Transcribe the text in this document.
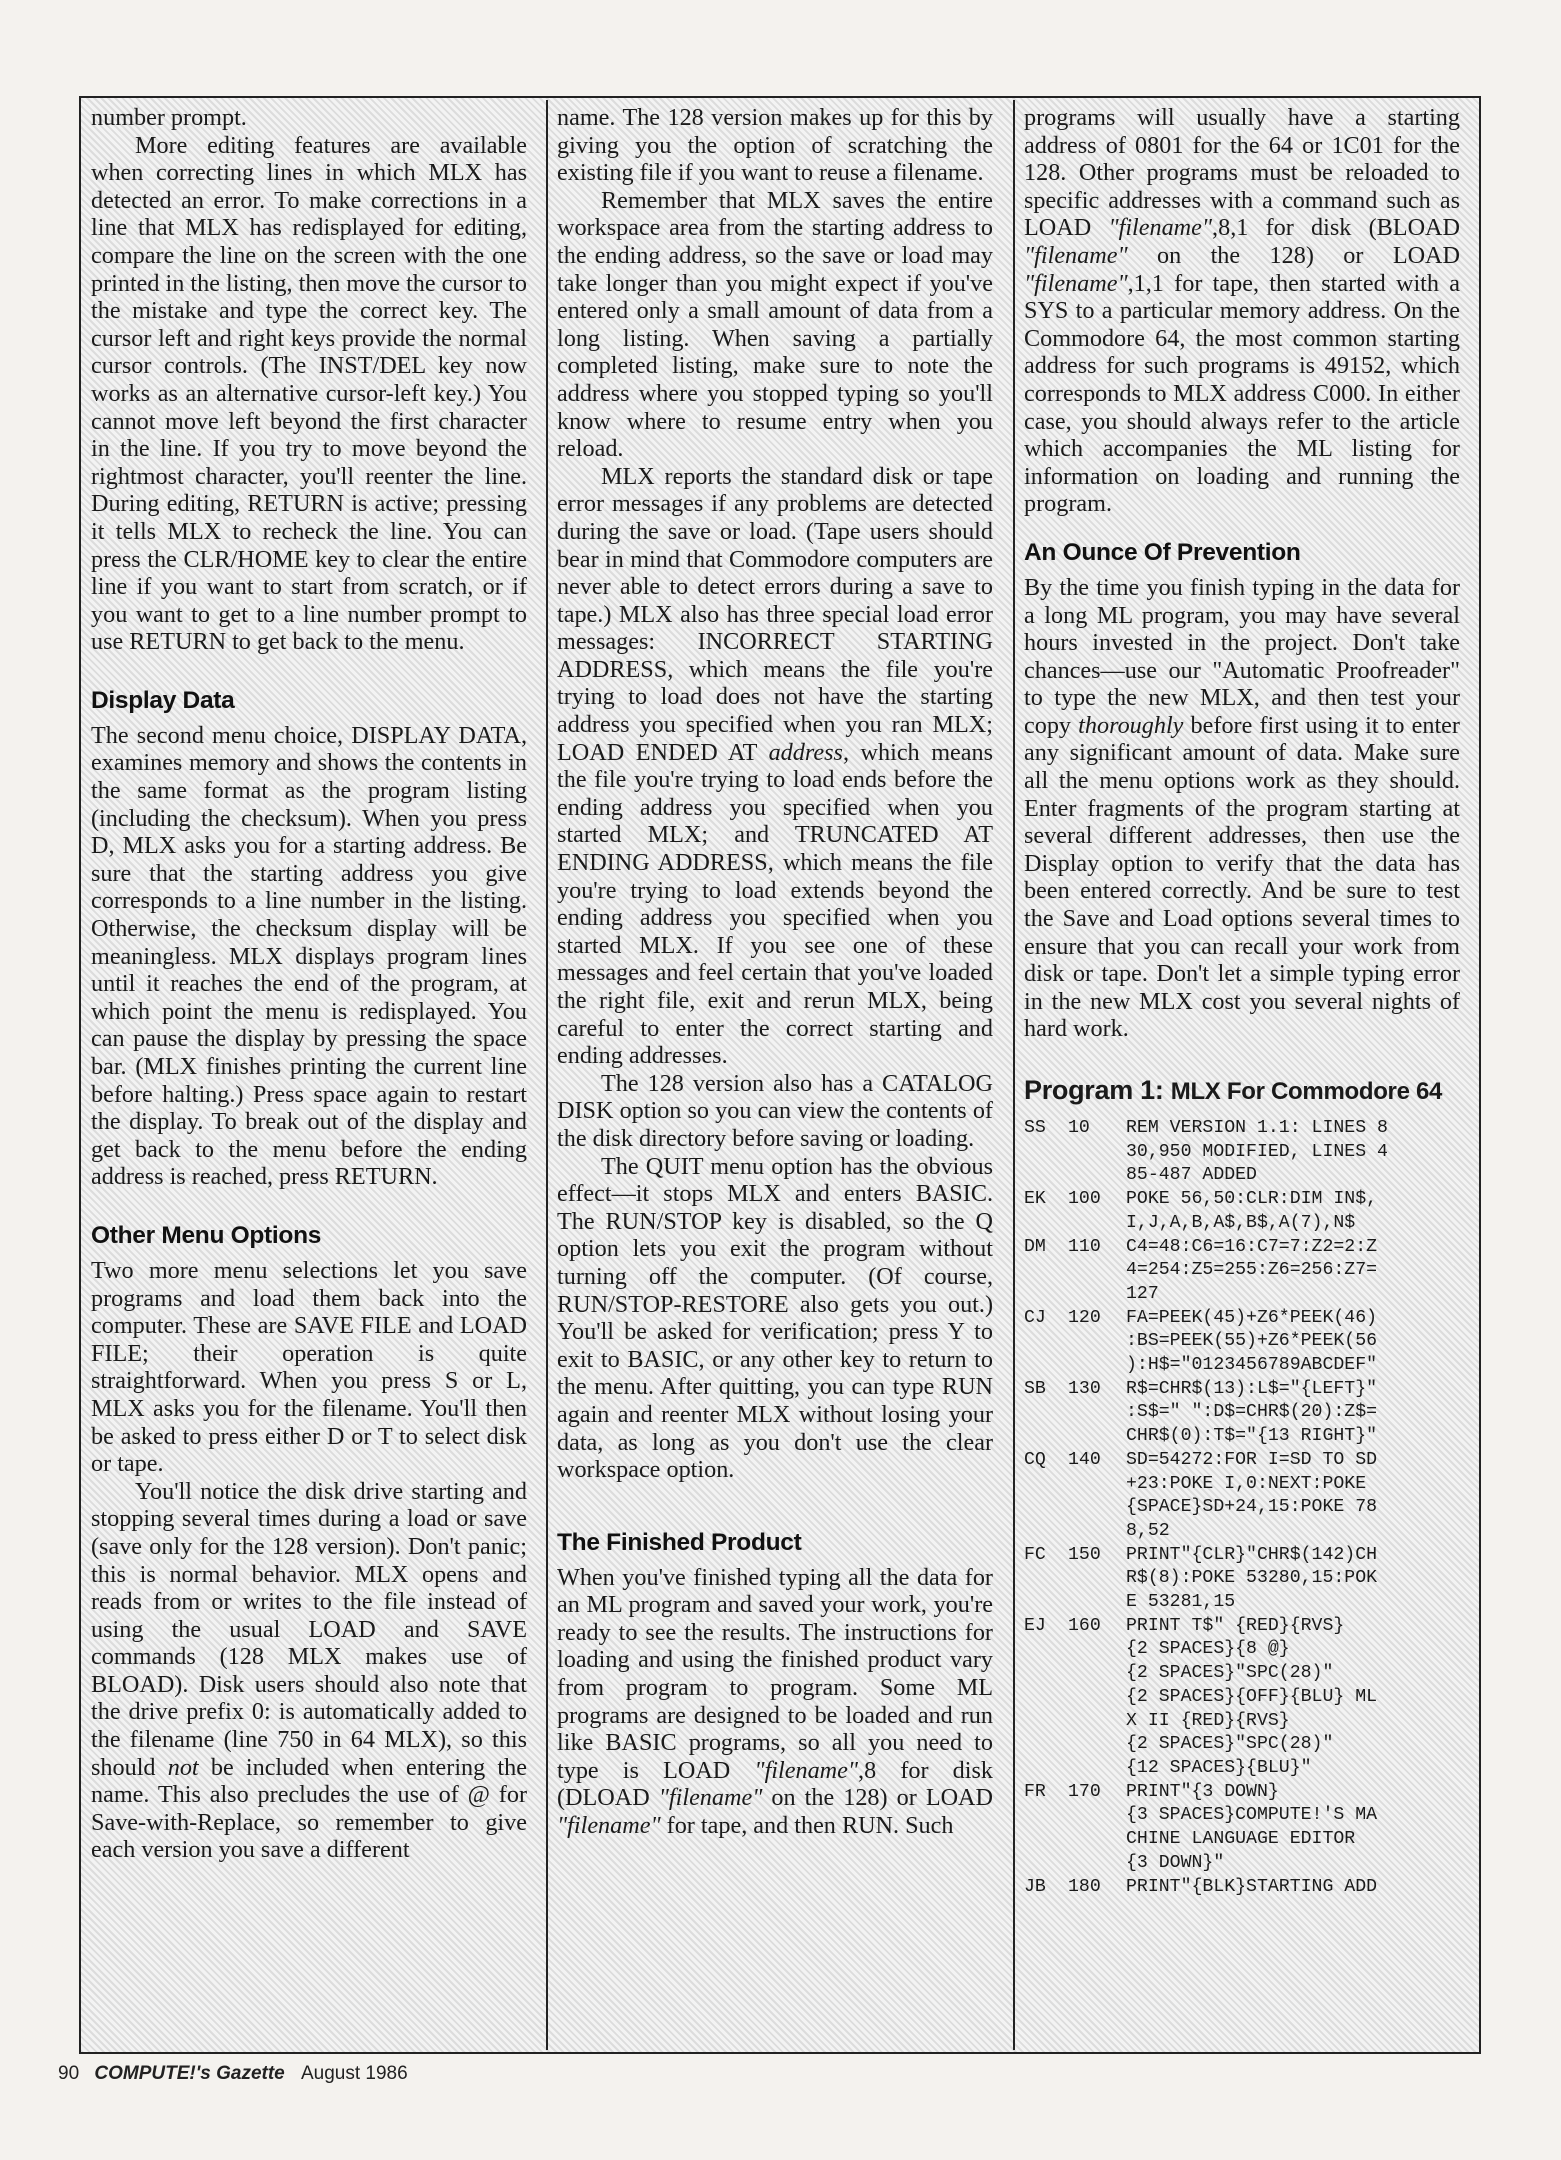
number prompt.

More editing features are available when correcting lines in which MLX has detected an error. To make corrections in a line that MLX has redisplayed for editing, compare the line on the screen with the one printed in the listing, then move the cursor to the mistake and type the correct key. The cursor left and right keys provide the normal cursor controls. (The INST/DEL key now works as an alternative cursor-left key.) You cannot move left beyond the first character in the line. If you try to move beyond the rightmost character, you'll reenter the line. During editing, RETURN is active; pressing it tells MLX to recheck the line. You can press the CLR/HOME key to clear the entire line if you want to start from scratch, or if you want to get to a line number prompt to use RETURN to get back to the menu.

Display Data

The second menu choice, DISPLAY DATA, examines memory and shows the contents in the same format as the program listing (including the checksum). When you press D, MLX asks you for a starting address. Be sure that the starting address you give corresponds to a line number in the listing. Otherwise, the checksum display will be meaningless. MLX displays program lines until it reaches the end of the program, at which point the menu is redisplayed. You can pause the display by pressing the space bar. (MLX finishes printing the current line before halting.) Press space again to restart the display. To break out of the display and get back to the menu before the ending address is reached, press RETURN.

Other Menu Options

Two more menu selections let you save programs and load them back into the computer. These are SAVE FILE and LOAD FILE; their operation is quite straightforward. When you press S or L, MLX asks you for the filename. You'll then be asked to press either D or T to select disk or tape.

You'll notice the disk drive starting and stopping several times during a load or save (save only for the 128 version). Don't panic; this is normal behavior. MLX opens and reads from or writes to the file instead of using the usual LOAD and SAVE commands (128 MLX makes use of BLOAD). Disk users should also note that the drive prefix 0: is automatically added to the filename (line 750 in 64 MLX), so this should not be included when entering the name. This also precludes the use of @ for Save-with-Replace, so remember to give each version you save a different

name. The 128 version makes up for this by giving you the option of scratching the existing file if you want to reuse a filename.

Remember that MLX saves the entire workspace area from the starting address to the ending address, so the save or load may take longer than you might expect if you've entered only a small amount of data from a long listing. When saving a partially completed listing, make sure to note the address where you stopped typing so you'll know where to resume entry when you reload.

MLX reports the standard disk or tape error messages if any problems are detected during the save or load. (Tape users should bear in mind that Commodore computers are never able to detect errors during a save to tape.) MLX also has three special load error messages: INCORRECT STARTING ADDRESS, which means the file you're trying to load does not have the starting address you specified when you ran MLX; LOAD ENDED AT address, which means the file you're trying to load ends before the ending address you specified when you started MLX; and TRUNCATED AT ENDING ADDRESS, which means the file you're trying to load extends beyond the ending address you specified when you started MLX. If you see one of these messages and feel certain that you've loaded the right file, exit and rerun MLX, being careful to enter the correct starting and ending addresses.

The 128 version also has a CATALOG DISK option so you can view the contents of the disk directory before saving or loading.

The QUIT menu option has the obvious effect—it stops MLX and enters BASIC. The RUN/STOP key is disabled, so the Q option lets you exit the program without turning off the computer. (Of course, RUN/STOP-RESTORE also gets you out.) You'll be asked for verification; press Y to exit to BASIC, or any other key to return to the menu. After quitting, you can type RUN again and reenter MLX without losing your data, as long as you don't use the clear workspace option.

The Finished Product

When you've finished typing all the data for an ML program and saved your work, you're ready to see the results. The instructions for loading and using the finished product vary from program to program. Some ML programs are designed to be loaded and run like BASIC programs, so all you need to type is LOAD "filename",8 for disk (DLOAD "filename" on the 128) or LOAD "filename" for tape, and then RUN. Such

programs will usually have a starting address of 0801 for the 64 or 1C01 for the 128. Other programs must be reloaded to specific addresses with a command such as LOAD "filename",8,1 for disk (BLOAD "filename" on the 128) or LOAD "filename",1,1 for tape, then started with a SYS to a particular memory address. On the Commodore 64, the most common starting address for such programs is 49152, which corresponds to MLX address C000. In either case, you should always refer to the article which accompanies the ML listing for information on loading and running the program.

An Ounce Of Prevention

By the time you finish typing in the data for a long ML program, you may have several hours invested in the project. Don't take chances—use our "Automatic Proofreader" to type the new MLX, and then test your copy thoroughly before first using it to enter any significant amount of data. Make sure all the menu options work as they should. Enter fragments of the program starting at several different addresses, then use the Display option to verify that the data has been entered correctly. And be sure to test the Save and Load options several times to ensure that you can recall your work from disk or tape. Don't let a simple typing error in the new MLX cost you several nights of hard work.

Program 1: MLX For Commodore 64
SS	10	REM VERSION 1.1: LINES 8
30,950 MODIFIED, LINES 4
85-487 ADDED
EK	100	POKE 56,50:CLR:DIM IN$,
I,J,A,B,A$,B$,A(7),N$
DM	110	C4=48:C6=16:C7=7:Z2=2:Z
4=254:Z5=255:Z6=256:Z7=
127
CJ	120	FA=PEEK(45)+Z6*PEEK(46)
:BS=PEEK(55)+Z6*PEEK(56
):H$="0123456789ABCDEF"
SB	130	R$=CHR$(13):L$="{LEFT}"
:S$=" ":D$=CHR$(20):Z$=
CHR$(0):T$="{13 RIGHT}"
CQ	140	SD=54272:FOR I=SD TO SD
+23:POKE I,0:NEXT:POKE
{SPACE}SD+24,15:POKE 78
8,52
FC	150	PRINT"{CLR}"CHR$(142)CH
R$(8):POKE 53280,15:POK
E 53281,15
EJ	160	PRINT T$" {RED}{RVS}
{2 SPACES}{8 @}
{2 SPACES}"SPC(28)"
{2 SPACES}{OFF}{BLU} ML
X II {RED}{RVS}
{2 SPACES}"SPC(28)"
{12 SPACES}{BLU}"
FR	170	PRINT"{3 DOWN}
{3 SPACES}COMPUTE!'S MA
CHINE LANGUAGE EDITOR
{3 DOWN}"
JB	180	PRINT"{BLK}STARTING ADD
90 COMPUTE!'s Gazette August 1986
